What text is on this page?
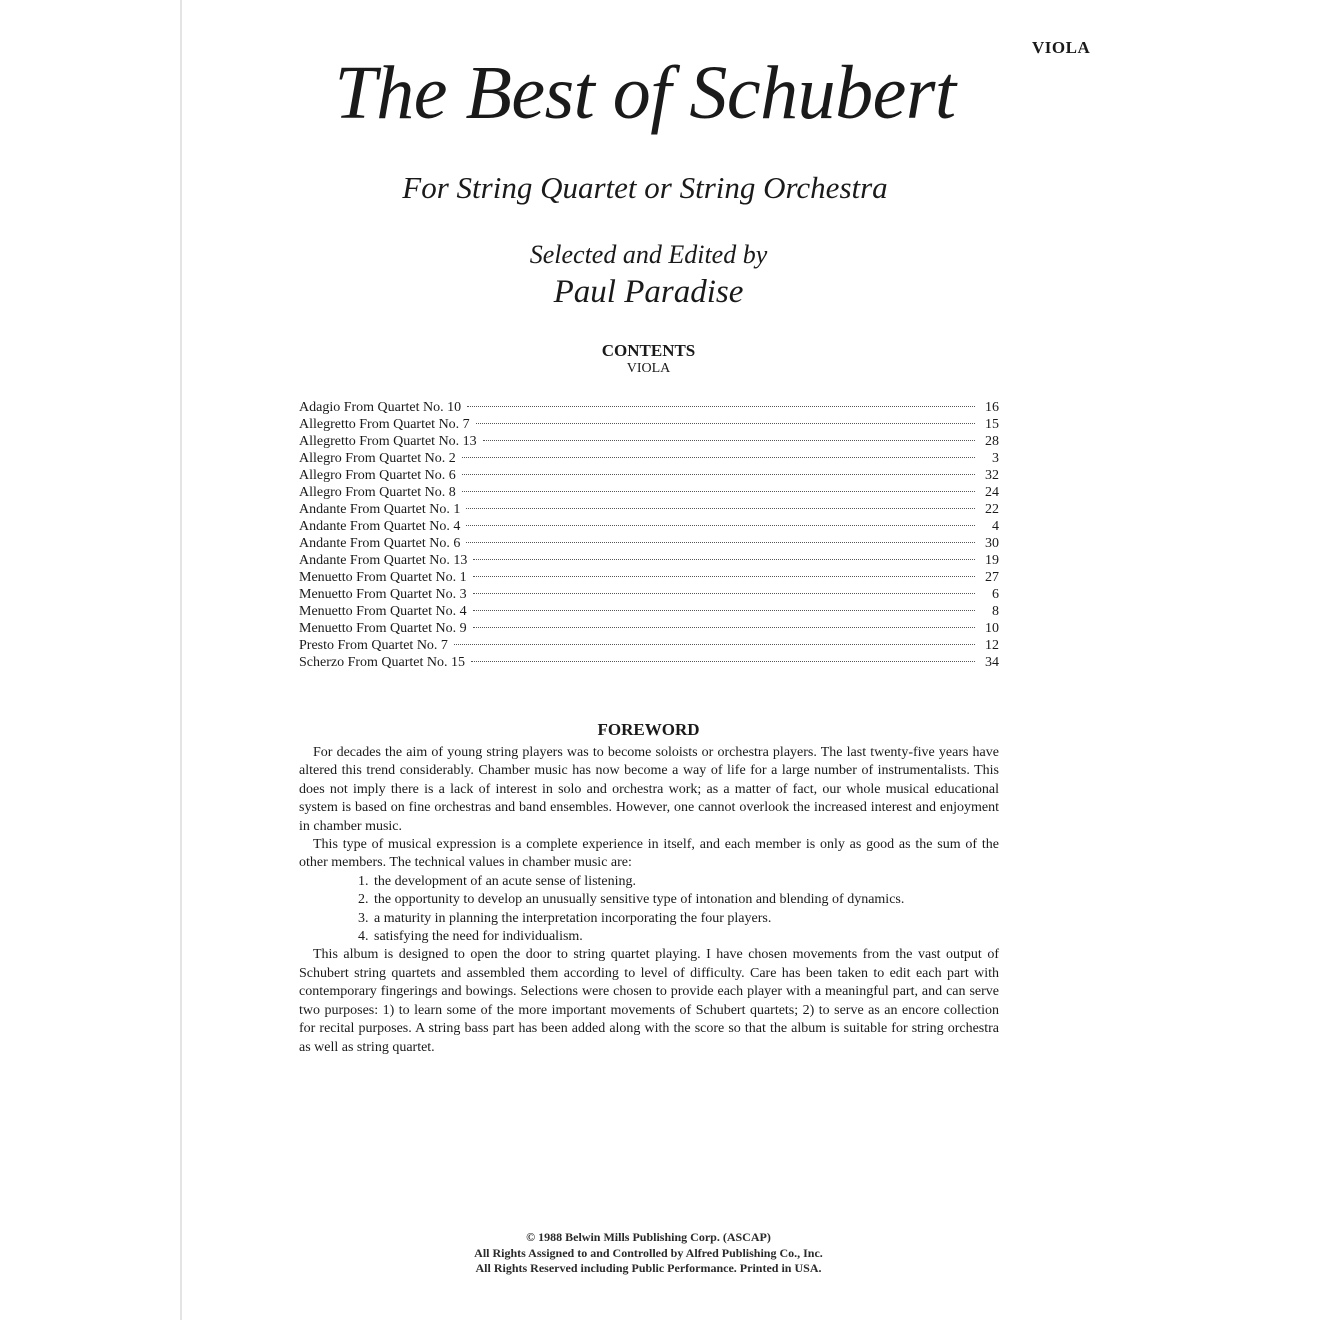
VIOLA
The Best of Schubert
For String Quartet or String Orchestra
Selected and Edited by
Paul Paradise
CONTENTS
VIOLA
Adagio From Quartet No. 10	16
Allegretto From Quartet No. 7	15
Allegretto From Quartet No. 13	28
Allegro From Quartet No. 2	3
Allegro From Quartet No. 6	32
Allegro From Quartet No. 8	24
Andante From Quartet No. 1	22
Andante From Quartet No. 4	4
Andante From Quartet No. 6	30
Andante From Quartet No. 13	19
Menuetto From Quartet No. 1	27
Menuetto From Quartet No. 3	6
Menuetto From Quartet No. 4	8
Menuetto From Quartet No. 9	10
Presto From Quartet No. 7	12
Scherzo From Quartet No. 15	34
FOREWORD

For decades the aim of young string players was to become soloists or orchestra players. The last twenty-five years have altered this trend considerably. Chamber music has now become a way of life for a large number of instrumentalists. This does not imply there is a lack of interest in solo and orchestra work; as a matter of fact, our whole musical educational system is based on fine orchestras and band ensembles. However, one cannot overlook the increased interest and enjoyment in chamber music.

This type of musical expression is a complete experience in itself, and each member is only as good as the sum of the other members. The technical values in chamber music are:

1. the development of an acute sense of listening.
2. the opportunity to develop an unusually sensitive type of intonation and blending of dynamics.
3. a maturity in planning the interpretation incorporating the four players.
4. satisfying the need for individualism.

This album is designed to open the door to string quartet playing. I have chosen movements from the vast output of Schubert string quartets and assembled them according to level of difficulty. Care has been taken to edit each part with contemporary fingerings and bowings. Selections were chosen to provide each player with a meaningful part, and can serve two purposes: 1) to learn some of the more important movements of Schubert quartets; 2) to serve as an encore collection for recital purposes. A string bass part has been added along with the score so that the album is suitable for string orchestra as well as string quartet.

© 1988 Belwin Mills Publishing Corp. (ASCAP)
All Rights Assigned to and Controlled by Alfred Publishing Co., Inc.
All Rights Reserved including Public Performance. Printed in USA.
